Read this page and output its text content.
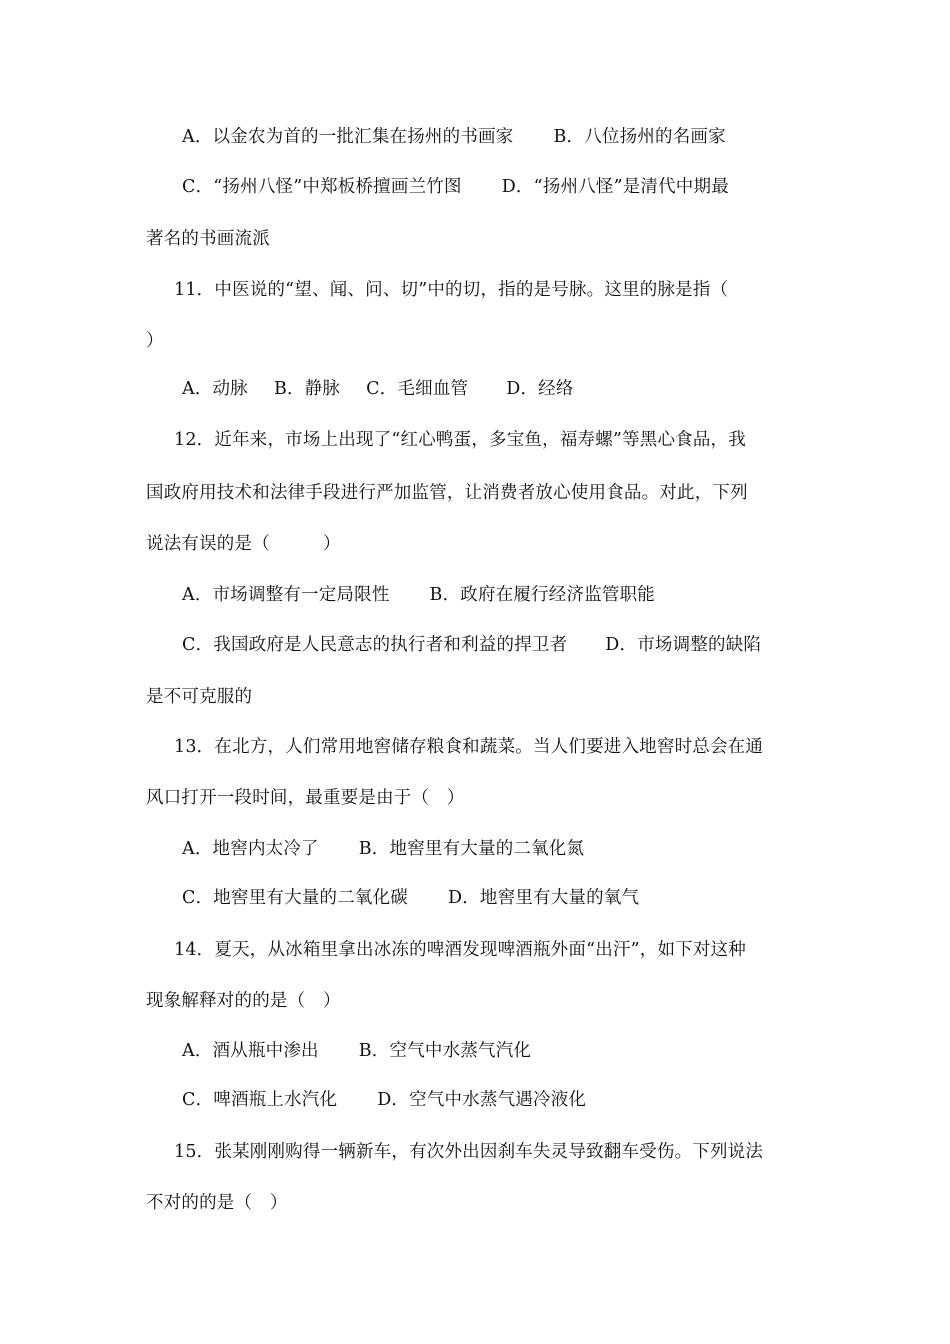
A．以金农为首的一批汇集在扬州的书画家 B．八位扬州的名画家
C．“扬州八怪”中郑板桥擅画兰竹图 D．“扬州八怪”是清代中期最
著名的书画流派
11．中医说的“望、闻、问、切”中的切，指的是号脉。这里的脉是指（
）
A．动脉 B．静脉 C．毛细血管 D．经络
12．近年来，市场上出现了“红心鸭蛋，多宝鱼，福寿螺”等黑心食品，我
国政府用技术和法律手段进行严加监管，让消费者放心使用食品。对此，下列
说法有误的是（　　　）
A．市场调整有一定局限性 B．政府在履行经济监管职能
C．我国政府是人民意志的执行者和利益的捍卫者 D．市场调整的缺陷
是不可克服的
13．在北方，人们常用地窖储存粮食和蔬菜。当人们要进入地窖时总会在通
风口打开一段时间，最重要是由于（　）
A．地窖内太冷了 B．地窖里有大量的二氧化氮
C．地窖里有大量的二氧化碳 D．地窖里有大量的氧气
14．夏天，从冰箱里拿出冰冻的啤酒发现啤酒瓶外面“出汗”，如下对这种
现象解释对的的是（　）
A．酒从瓶中渗出 B．空气中水蒸气汽化
C．啤酒瓶上水汽化 D．空气中水蒸气遇冷液化
15．张某刚刚购得一辆新车，有次外出因刹车失灵导致翻车受伤。下列说法
不对的的是（　）
